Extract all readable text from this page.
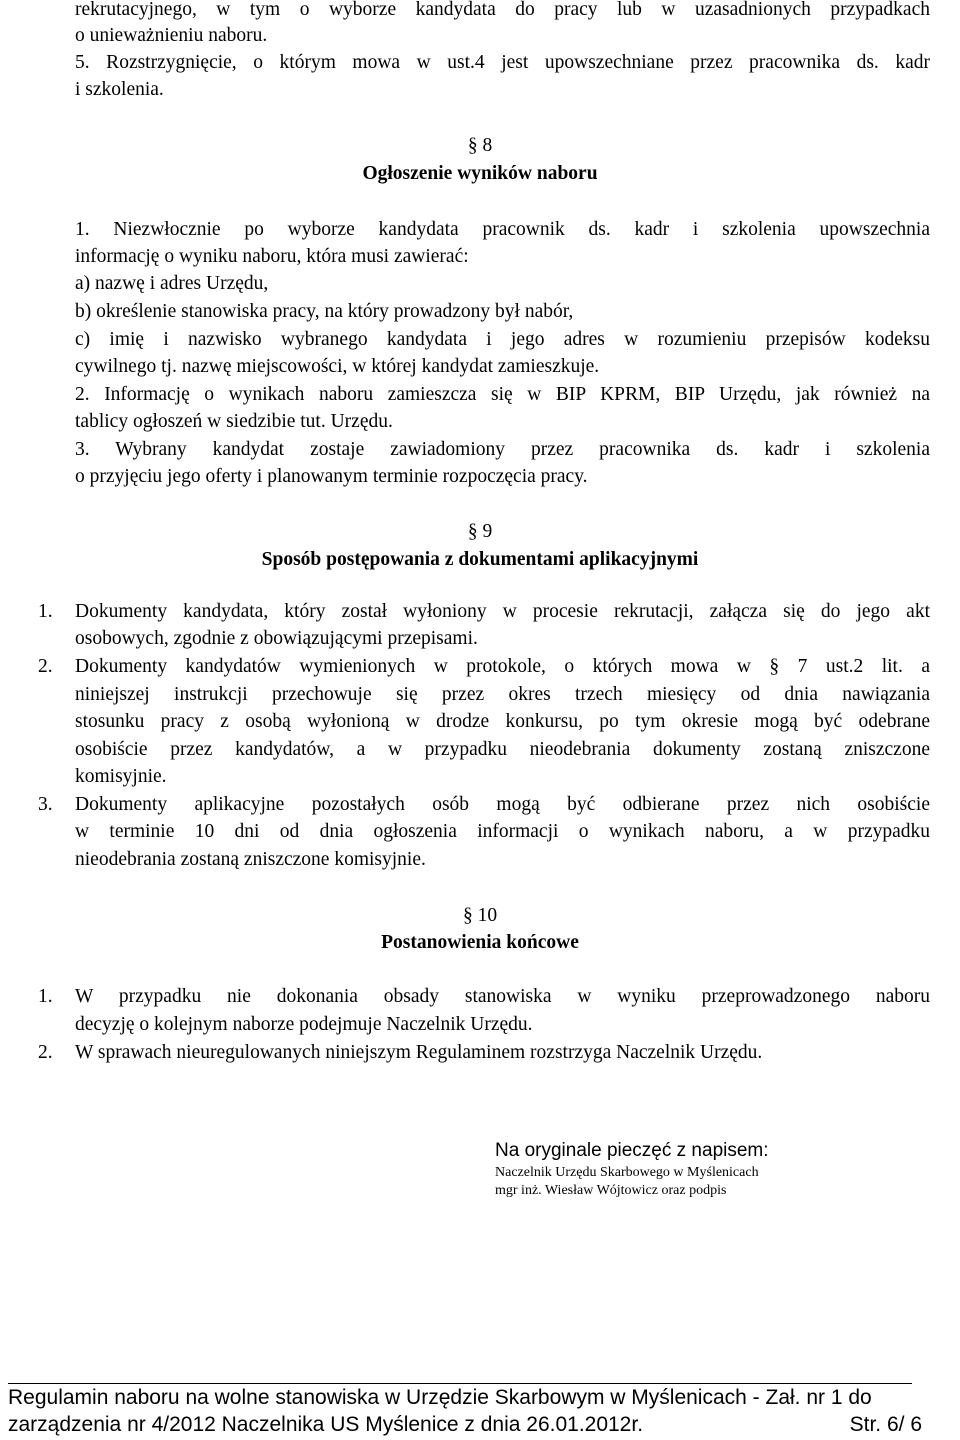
rekrutacyjnego, w tym o wyborze kandydata do pracy lub w uzasadnionych przypadkach
o unieważnieniu naboru.
5. Rozstrzygnięcie, o którym mowa w ust.4 jest upowszechniane przez pracownika ds. kadr
i szkolenia.
§ 8
Ogłoszenie wyników naboru
1. Niezwłocznie po wyborze kandydata pracownik ds. kadr i szkolenia upowszechnia
informację o wyniku naboru, która musi zawierać:
a) nazwę i adres Urzędu,
b) określenie stanowiska pracy, na który prowadzony był nabór,
c) imię i nazwisko wybranego kandydata i jego adres w rozumieniu przepisów kodeksu
cywilnego tj. nazwę miejscowości, w której kandydat zamieszkuje.
2. Informację o wynikach naboru zamieszcza się w BIP KPRM, BIP Urzędu, jak również na
tablicy ogłoszeń w siedzibie tut. Urzędu.
3. Wybrany kandydat zostaje zawiadomiony przez pracownika ds. kadr i szkolenia
o przyjęciu jego oferty i planowanym terminie rozpoczęcia pracy.
§ 9
Sposób postępowania z dokumentami aplikacyjnymi
1. Dokumenty kandydata, który został wyłoniony w procesie rekrutacji, załącza się do jego akt
osobowych, zgodnie z obowiązującymi przepisami.
2. Dokumenty kandydatów wymienionych w protokole, o których mowa w § 7 ust.2 lit. a
niniejszej instrukcji przechowuje się przez okres trzech miesięcy od dnia nawiązania
stosunku pracy z osobą wyłonioną w drodze konkursu, po tym okresie mogą być odebrane
osobiście przez kandydatów, a w przypadku nieodebrania dokumenty zostaną zniszczone
komisyjnie.
3. Dokumenty aplikacyjne pozostałych osób mogą być odbierane przez nich osobiście
w terminie 10 dni od dnia ogłoszenia informacji o wynikach naboru, a w przypadku
nieodebrania zostaną zniszczone komisyjnie.
§ 10
Postanowienia końcowe
1. W przypadku nie dokonania obsady stanowiska w wyniku przeprowadzonego naboru
decyzję o kolejnym naborze podejmuje Naczelnik Urzędu.
2. W sprawach nieuregulowanych niniejszym Regulaminem rozstrzyga Naczelnik Urzędu.
Na oryginale pieczęć z napisem:
Naczelnik Urzędu Skarbowego w Myślenicach
mgr inż. Wiesław Wójtowicz oraz podpis
Regulamin naboru na wolne stanowiska w Urzędzie Skarbowym w Myślenicach - Zał. nr 1 do
zarządzenia nr 4/2012 Naczelnika US Myślenice z dnia 26.01.2012r.	Str. 6/ 6
